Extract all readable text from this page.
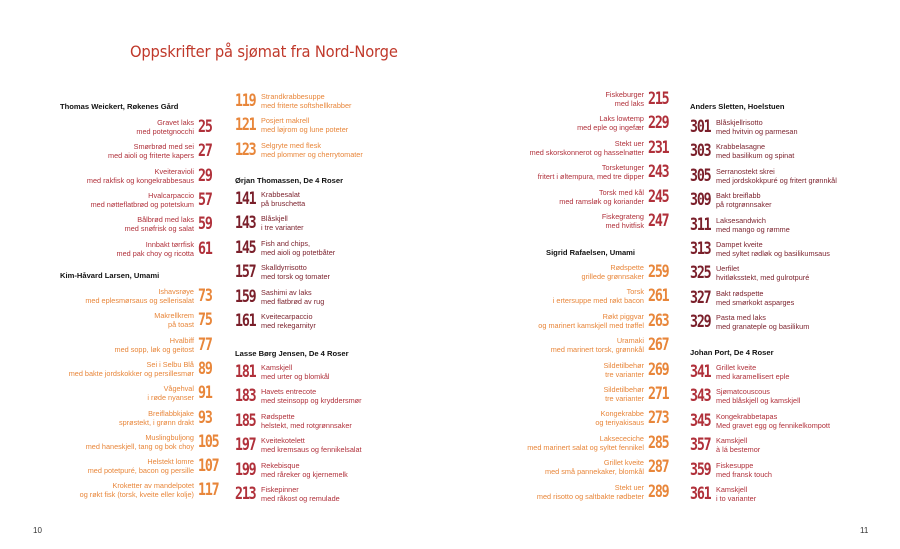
Oppskrifter på sjømat fra Nord-Norge
Thomas Weickert, Røkenes Gård
Gravet laks
med potetgnocchi 25
Smørbrød med sei
med aioli og friterte kapers 27
Kveiteravioli
med rakfisk og kongekrabbesaus 29
Hvalcarpaccio
med nøtteflatbrød og potetskum 57
Bålbrød med laks
med snøfrisk og salat 59
Innbakt tørrfisk
med pak choy og ricotta 61
Kim-Håvard Larsen, Umami
Ishavsrøye
med eplesmørsaus og sellerisalat 73
Makrellkrem
på toast 75
Hvalbiff
med sopp, løk og geitost 77
Sei i Selbu Blå
med bakte jordskokker og persillesmør 89
Vågehval
i røde nyanser 91
Breiflabbkjake
sprøstekt, i grønn drakt 93
Muslingbuljong
med haneskjell, tang og bok choy 105
Helstekt lomre
med potetpuré, bacon og persille 107
Kroketter av mandelpotet
og røkt fisk (torsk, kveite eller kolje) 117
Strandkrabbesuppe
med friterte softshellkrabber
119
Posjert makrell
med løjrom og lune poteter
121
Selgryte med flesk
med plommer og cherrytomater
123
Ørjan Thomassen, De 4 Roser
Krabbesalat
på bruschetta
141
Blåskjell
i tre varianter
143
Fish and chips,
med aioli og potetbåter
145
Skalldyrrisotto
med torsk og tomater
157
Sashimi av laks
med flatbrød av rug
159
Kveitecarpaccio
med rekegarnityr
161
Lasse Børg Jensen, De 4 Roser
Kamskjell
med urter og blomkål
181
Havets entrecote
med steinsopp og kryddersmør
183
Rødspette
helstekt, med rotgrønnsaker
185
Kveitekotelett
med kremsaus og fennikelsalat
197
Rekebisque
med råreker og kjernemelk
199
Fiskepinner
med råkost og remulade
213
Fiskeburger
med laks 215
Laks lowtemp
med eple og ingefær 229
Stekt uer
med skorskonnerot og hasselnøtter 231
Torsketunger
fritert i øltempura, med tre dipper 243
Torsk med kål
med ramsløk og koriander 245
Fiskegrateng
med hvitfisk 247
Sigrid Rafaelsen, Umami
Rødspette
grillede grønnsaker 259
Torsk
i ertersuppe med røkt bacon 261
Røkt piggvar
og marinert kamskjell med trøffel 263
Uramaki
med marinert torsk, grønnkål 267
Sildetilbehør
tre varianter 269
Sildetilbehør
tre varianter 271
Kongekrabbe
og teriyakisaus 273
Laksececiche
med marinert salat og syltet fennikel 285
Grillet kveite
med små pannekaker, blomkål 287
Stekt uer
med risotto og saltbakte rødbeter 289
Anders Sletten, Hoelstuen
Blåskjellrisotto
med hvitvin og parmesan
301
Krabbelasagne
med basilikum og spinat
303
Serranostekt skrei
med jordskokkpuré og fritert grønnkål
305
Bakt breiflabb
på rotgrønnsaker
309
Laksesandwich
med mango og rømme
311
Dampet kveite
med syltet rødløk og basilikumsaus
313
Uerfilet
hvitløksstekt, med gulrotpuré
325
Bakt rødspette
med smørkokt asparges
327
Pasta med laks
med granateple og basilikum
329
Johan Port, De 4 Roser
Grillet kveite
med karamellisert eple
341
Sjømatcouscous
med blåskjell og kamskjell
343
Kongekrabbetapas
Med gravet egg og fennikelkompott
345
Kamskjell
à lá bestemor
357
Fiskesuppe
med fransk touch
359
Kamskjell
i to varianter
361
10	11
